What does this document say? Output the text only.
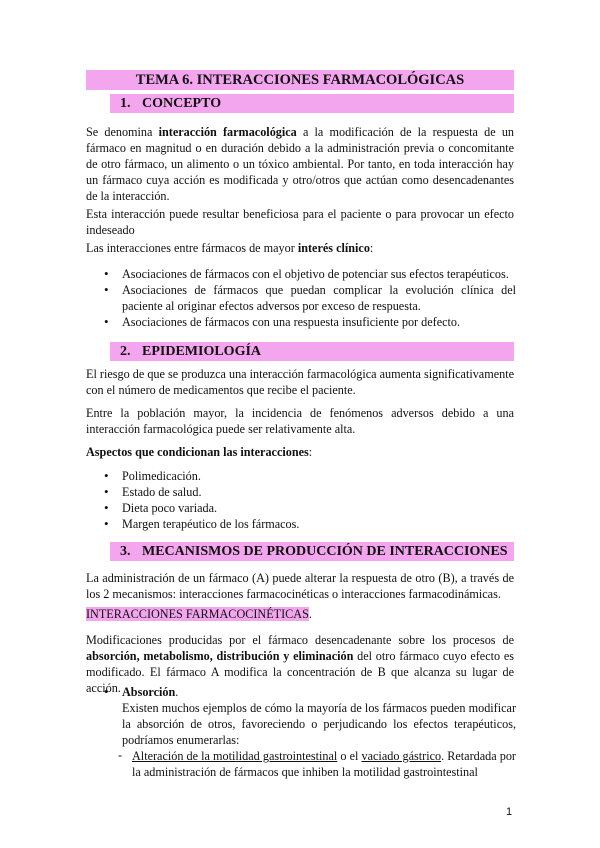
TEMA 6. INTERACCIONES FARMACOLÓGICAS
1. CONCEPTO
Se denomina interacción farmacológica a la modificación de la respuesta de un fármaco en magnitud o en duración debido a la administración previa o concomitante de otro fármaco, un alimento o un tóxico ambiental. Por tanto, en toda interacción hay un fármaco cuya acción es modificada y otro/otros que actúan como desencadenantes de la interacción.
Esta interacción puede resultar beneficiosa para el paciente o para provocar un efecto indeseado
Las interacciones entre fármacos de mayor interés clínico:
• Asociaciones de fármacos con el objetivo de potenciar sus efectos terapéuticos.
• Asociaciones de fármacos que puedan complicar la evolución clínica del paciente al originar efectos adversos por exceso de respuesta.
• Asociaciones de fármacos con una respuesta insuficiente por defecto.
2. EPIDEMIOLOGÍA
El riesgo de que se produzca una interacción farmacológica aumenta significativamente con el número de medicamentos que recibe el paciente.
Entre la población mayor, la incidencia de fenómenos adversos debido a una interacción farmacológica puede ser relativamente alta.
Aspectos que condicionan las interacciones:
• Polimedicación.
• Estado de salud.
• Dieta poco variada.
• Margen terapéutico de los fármacos.
3. MECANISMOS DE PRODUCCIÓN DE INTERACCIONES
La administración de un fármaco (A) puede alterar la respuesta de otro (B), a través de los 2 mecanismos: interacciones farmacocinéticas o interacciones farmacodinámicas.
INTERACCIONES FARMACOCINÉTICAS.
Modificaciones producidas por el fármaco desencadenante sobre los procesos de absorción, metabolismo, distribución y eliminación del otro fármaco cuyo efecto es modificado. El fármaco A modifica la concentración de B que alcanza su lugar de acción.
• Absorción.
Existen muchos ejemplos de cómo la mayoría de los fármacos pueden modificar la absorción de otros, favoreciendo o perjudicando los efectos terapéuticos, podríamos enumerarlas:
- Alteración de la motilidad gastrointestinal o el vaciado gástrico. Retardada por la administración de fármacos que inhiben la motilidad gastrointestinal
1
